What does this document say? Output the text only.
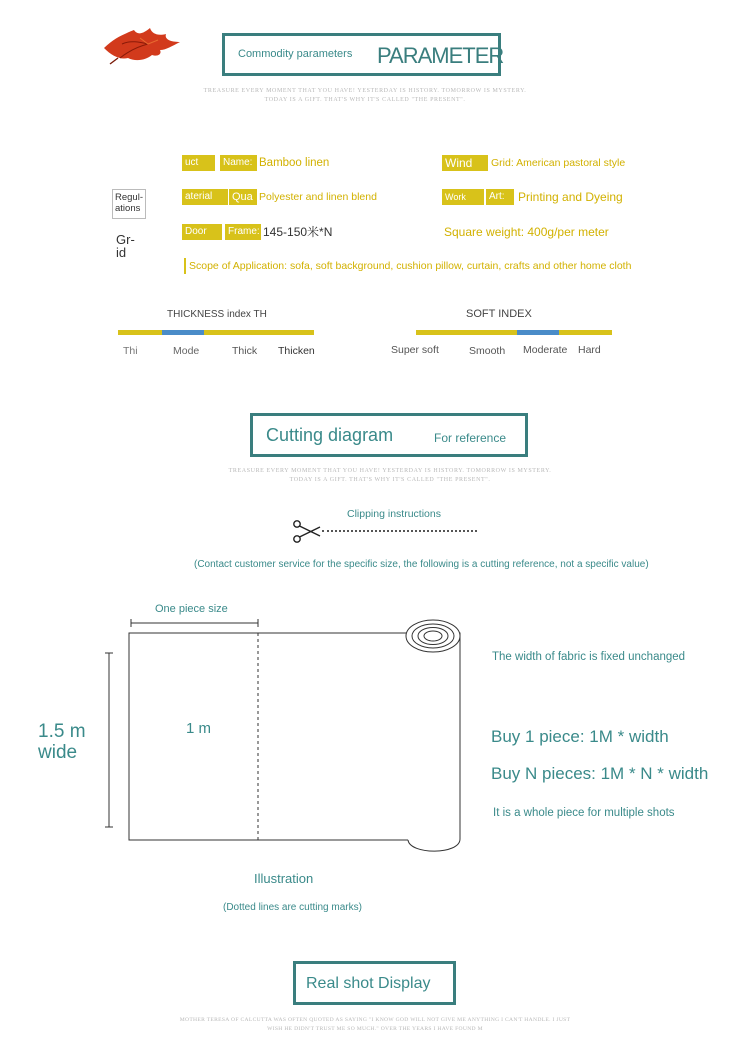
Commodity parameters PARAMETER
TREASURE EVERY MOMENT THAT YOU HAVE! YESTERDAY IS HISTORY. TOMORROW IS MYSTERY.
TODAY IS A GIFT. THAT'S WHY IT'S CALLED "THE PRESENT".
Regul-
ations
Gr-
id
uct	Name: Bamboo linen	Wind	Grid: American pastoral style
aterial	Qua Polyester and linen blend	Work	Art:	Printing and Dyeing
Door	Frame: 145-150米*N	Square weight: 400g/per meter
Scope of Application: sofa, soft background, cushion pillow, curtain, crafts and other home cloth
THICKNESS index TH
Thi	Mode	Thick Thicken
SOFT INDEX
Super soft	Smooth Moderate Hard
Cutting diagram	For reference
TREASURE EVERY MOMENT THAT YOU HAVE! YESTERDAY IS HISTORY. TOMORROW IS MYSTERY.
TODAY IS A GIFT. THAT'S WHY IT'S CALLED "THE PRESENT".
Clipping instructions
(Contact customer service for the specific size, the following is a cutting reference, not a specific value)
One piece size
1.5 m
wide
1 m
The width of fabric is fixed unchanged
Buy 1 piece: 1M * width
Buy N pieces: 1M * N * width
It is a whole piece for multiple shots
Illustration
(Dotted lines are cutting marks)
Real shot Display
MOTHER TERESA OF CALCUTTA WAS OFTEN QUOTED AS SAYING "I KNOW GOD WILL NOT GIVE ME ANYTHING I CAN'T HANDLE. I JUST
WISH HE DIDN'T TRUST ME SO MUCH." OVER THE YEARS I HAVE FOUND M
